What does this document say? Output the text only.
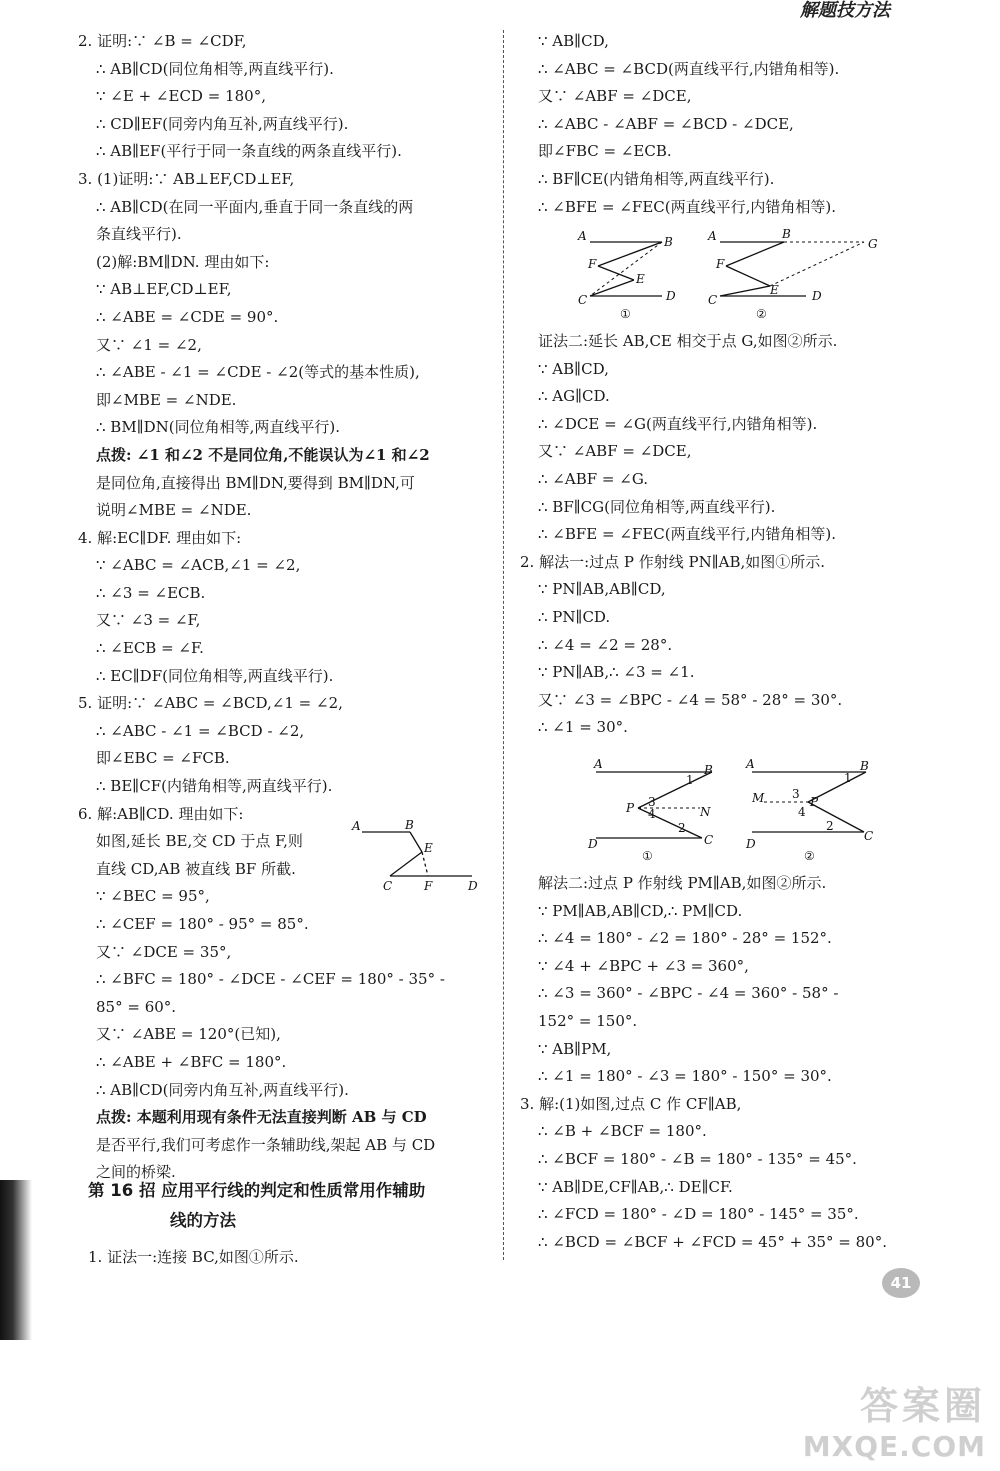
解题技方法
2. 证明:∵ ∠B = ∠CDF,
∴ AB∥CD(同位角相等,两直线平行).
∵ ∠E + ∠ECD = 180°,
∴ CD∥EF(同旁内角互补,两直线平行).
∴ AB∥EF(平行于同一条直线的两条直线平行).
3. (1)证明:∵ AB⊥EF,CD⊥EF,
∴ AB∥CD(在同一平面内,垂直于同一条直线的两
条直线平行).
(2)解:BM∥DN. 理由如下:
∵ AB⊥EF,CD⊥EF,
∴ ∠ABE = ∠CDE = 90°.
又∵ ∠1 = ∠2,
∴ ∠ABE - ∠1 = ∠CDE - ∠2(等式的基本性质),
即∠MBE = ∠NDE.
∴ BM∥DN(同位角相等,两直线平行).
点拨: ∠1 和∠2 不是同位角,不能误认为∠1 和∠2
是同位角,直接得出 BM∥DN,要得到 BM∥DN,可
说明∠MBE = ∠NDE.
4. 解:EC∥DF. 理由如下:
∵ ∠ABC = ∠ACB,∠1 = ∠2,
∴ ∠3 = ∠ECB.
又∵ ∠3 = ∠F,
∴ ∠ECB = ∠F.
∴ EC∥DF(同位角相等,两直线平行).
5. 证明:∵ ∠ABC = ∠BCD,∠1 = ∠2,
∴ ∠ABC - ∠1 = ∠BCD - ∠2,
即∠EBC = ∠FCB.
∴ BE∥CF(内错角相等,两直线平行).
6. 解:AB∥CD. 理由如下:
如图,延长 BE,交 CD 于点 F,则
直线 CD,AB 被直线 BF 所截.
∵ ∠BEC = 95°,
∴ ∠CEF = 180° - 95° = 85°.
又∵ ∠DCE = 35°,
∴ ∠BFC = 180° - ∠DCE - ∠CEF = 180° - 35° -
85° = 60°.
又∵ ∠ABE = 120°(已知),
∴ ∠ABE + ∠BFC = 180°.
∴ AB∥CD(同旁内角互补,两直线平行).
点拨: 本题利用现有条件无法直接判断 AB 与 CD
是否平行,我们可考虑作一条辅助线,架起 AB 与 CD
之间的桥梁.
第 16 招 应用平行线的判定和性质常用作辅助
线的方法
1. 证法一:连接 BC,如图①所示.
A	B
E
C	F	D
∵ AB∥CD,
∴ ∠ABC = ∠BCD(两直线平行,内错角相等).
又∵ ∠ABF = ∠DCE,
∴ ∠ABC - ∠ABF = ∠BCD - ∠DCE,
即∠FBC = ∠ECB.
∴ BF∥CE(内错角相等,两直线平行).
∴ ∠BFE = ∠FEC(两直线平行,内错角相等).
A	B
F
E
C	D
①
A	B
G
F
E
C	D
②
证法二:延长 AB,CE 相交于点 G,如图②所示.
∵ AB∥CD,
∴ AG∥CD.
∴ ∠DCE = ∠G(两直线平行,内错角相等).
又∵ ∠ABF = ∠DCE,
∴ ∠ABF = ∠G.
∴ BF∥CG(同位角相等,两直线平行).
∴ ∠BFE = ∠FEC(两直线平行,内错角相等).
2. 解法一:过点 P 作射线 PN∥AB,如图①所示.
∵ PN∥AB,AB∥CD,
∴ PN∥CD.
∴ ∠4 = ∠2 = 28°.
∵ PN∥AB,∴ ∠3 = ∠1.
又∵ ∠3 = ∠BPC - ∠4 = 58° - 28° = 30°.
∴ ∠1 = 30°.
A	B
1
P 3
4	N
2
D	C
①
A	B
M 3
P
4
1
2
D
C
②
解法二:过点 P 作射线 PM∥AB,如图②所示.
∵ PM∥AB,AB∥CD,∴ PM∥CD.
∴ ∠4 = 180° - ∠2 = 180° - 28° = 152°.
∵ ∠4 + ∠BPC + ∠3 = 360°,
∴ ∠3 = 360° - ∠BPC - ∠4 = 360° - 58° -
152° = 150°.
∵ AB∥PM,
∴ ∠1 = 180° - ∠3 = 180° - 150° = 30°.
3. 解:(1)如图,过点 C 作 CF∥AB,
∴ ∠B + ∠BCF = 180°.
∴ ∠BCF = 180° - ∠B = 180° - 135° = 45°.
∵ AB∥DE,CF∥AB,∴ DE∥CF.
∴ ∠FCD = 180° - ∠D = 180° - 145° = 35°.
∴ ∠BCD = ∠BCF + ∠FCD = 45° + 35° = 80°.
41
答案圈
MXQE.COM
